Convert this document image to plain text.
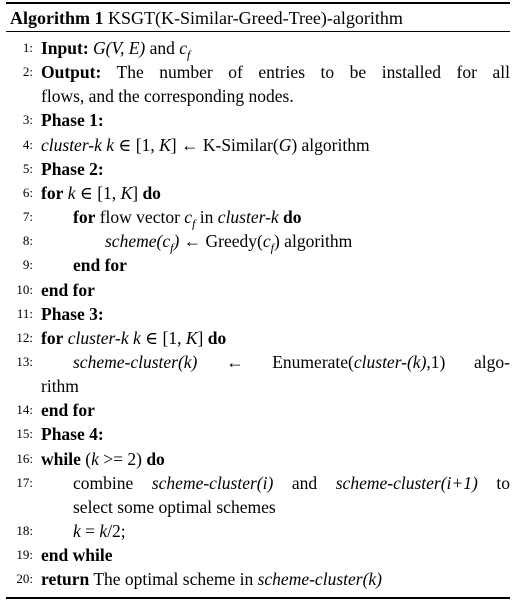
Algorithm 1 KSGT(K-Similar-Greed-Tree)-algorithm
1: Input: G(V, E) and $c_f$
2: Output: The number of entries to be installed for all
flows, and the corresponding nodes.
3: Phase 1:
4: cluster-k k ∈ [1, K] ← K-Similar(G) algorithm
5: Phase 2:
6: for k ∈ [1, K] do
7: for flow vector $c_f$ in cluster-k do
8:	$scheme(c_f)$ ← $Greedy(c_f)$ algorithm
9: end for
10: end for
11: Phase 3:
12: for cluster-k k ∈ [1, K] do
13: scheme-cluster(k) ← Enumerate(cluster-(k),1) algo-
rithm
14: end for
15: Phase 4:
16: while (k >= 2) do
17: combine scheme-cluster(i) and scheme-cluster(i+1) to
select some optimal schemes
18: k = k/2;
19: end while
20: return The optimal scheme in scheme-cluster(k)
